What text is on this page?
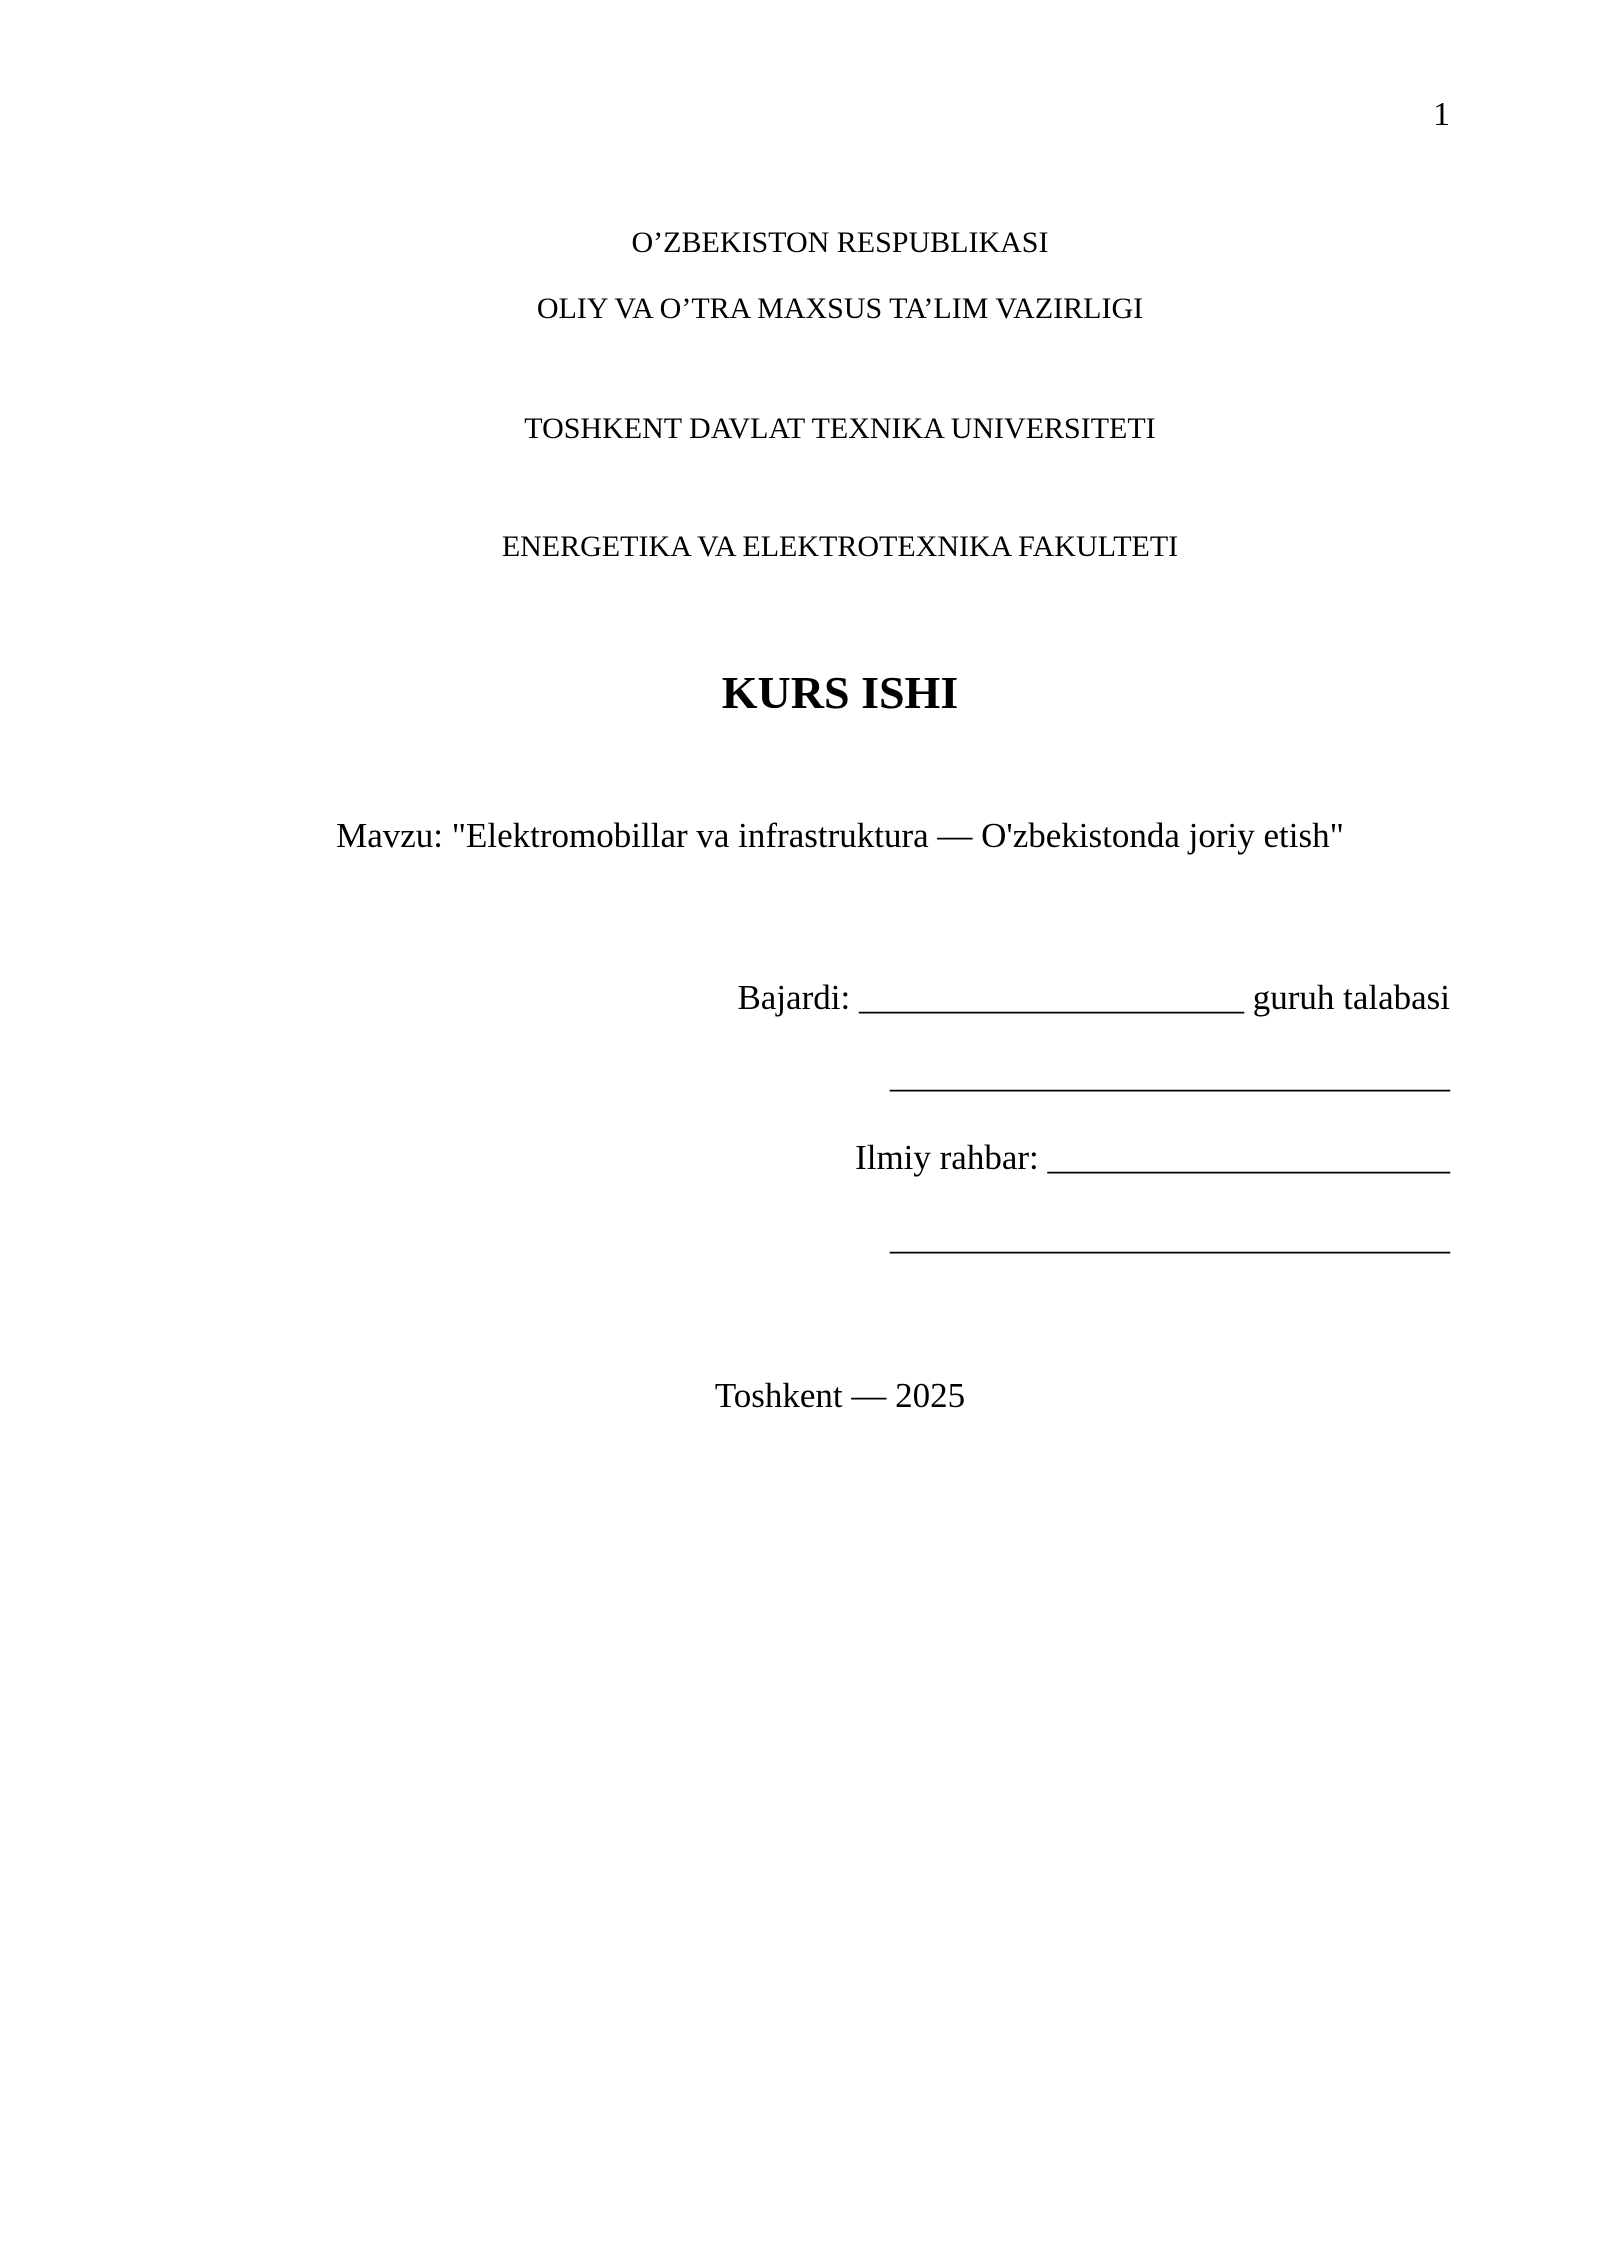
1
O’ZBEKISTON RESPUBLIKASI
OLIY VA O’TRA MAXSUS TA’LIM VAZIRLIGI
TOSHKENT DAVLAT TEXNIKA UNIVERSITETI
ENERGETIKA VA ELEKTROTEXNIKA FAKULTETI
KURS ISHI
Mavzu: "Elektromobillar va infrastruktura — O'zbekistonda joriy etish"
Bajardi: ______________________ guruh talabasi
________________________________
Ilmiy rahbar: _______________________
________________________________
Toshkent — 2025
